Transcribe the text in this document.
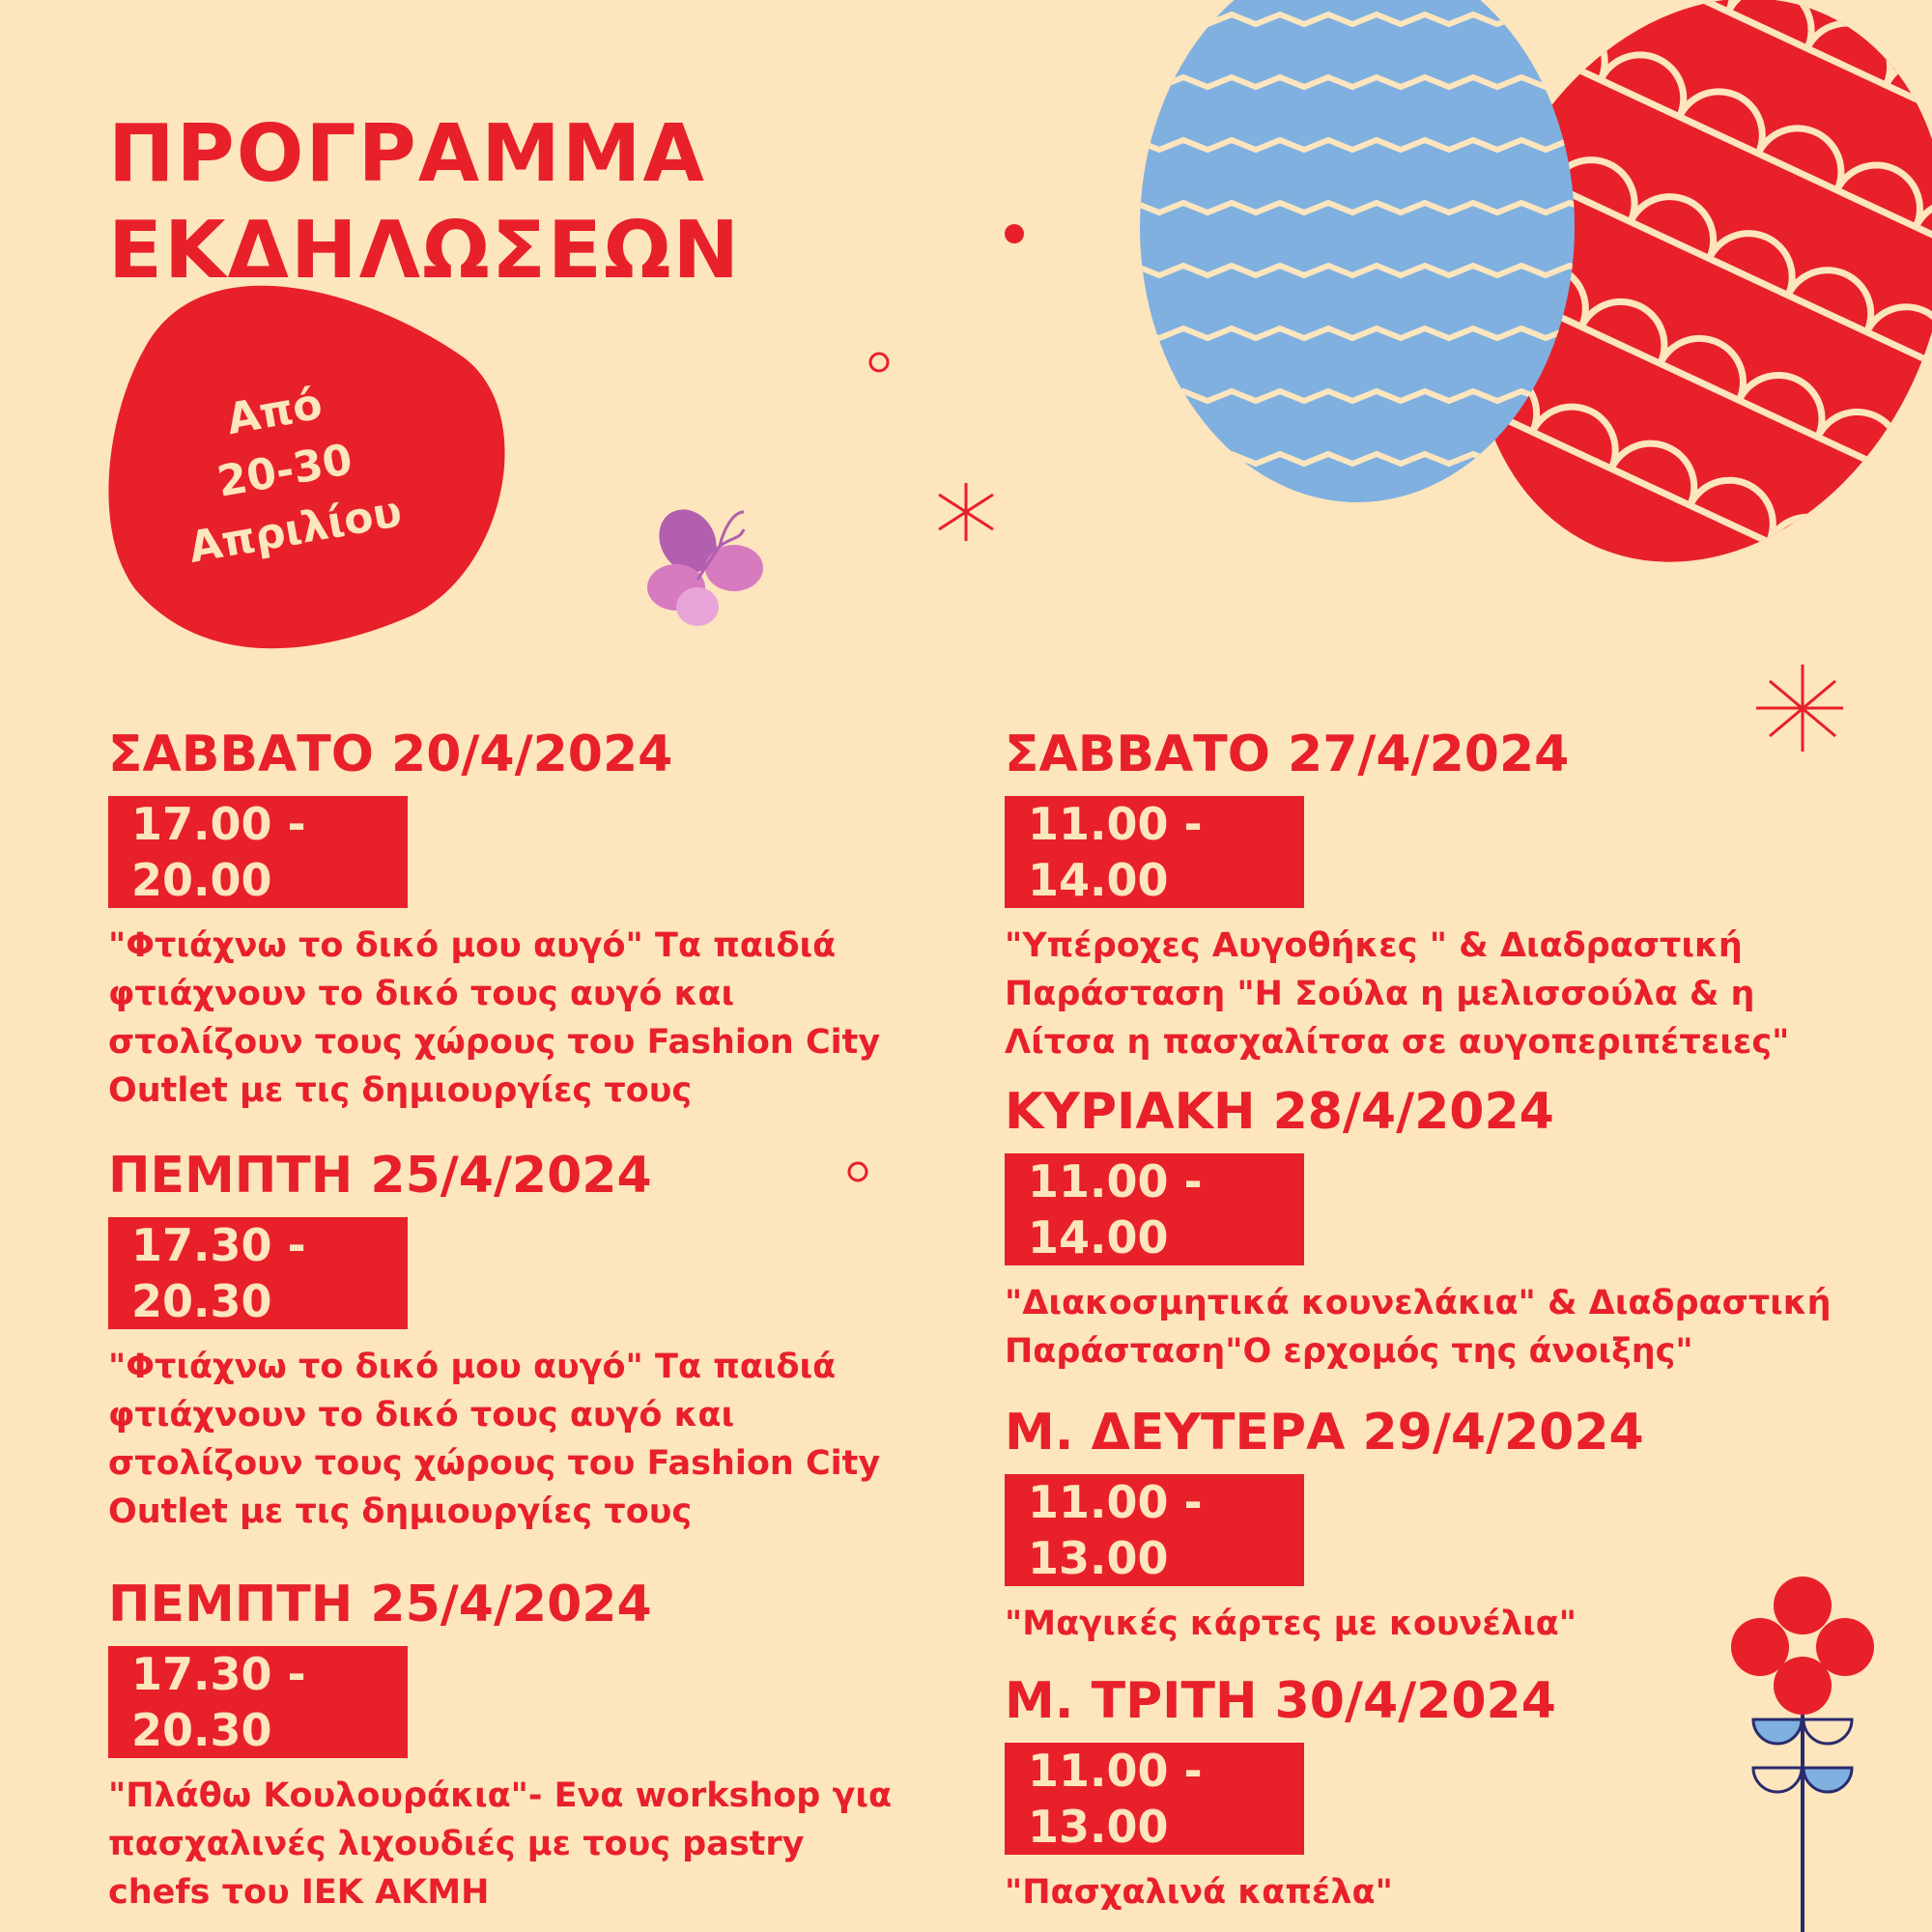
ΠΡΟΓΡΑΜΜΑ
ΕΚΔΗΛΩΣΕΩΝ
Από
20-30
Απριλίου
ΣΑΒΒΑΤΟ 20/4/2024
17.00 - 20.00
"Φτιάχνω το δικό μου αυγό" Τα παιδιά φτιάχνουν το δικό τους αυγό και στολίζουν τους χώρους του Fashion City Outlet με τις δημιουργίες τους
ΠΕΜΠΤΗ 25/4/2024
17.30 - 20.30
"Φτιάχνω το δικό μου αυγό" Τα παιδιά φτιάχνουν το δικό τους αυγό και στολίζουν τους χώρους του Fashion City Outlet με τις δημιουργίες τους
ΠΕΜΠΤΗ 25/4/2024
17.30 - 20.30
"Πλάθω Κουλουράκια"- Eνα workshop για πασχαλινές λιχουδιές με τους pastry chefs του ΙΕΚ ΑΚΜΗ
ΣΑΒΒΑΤΟ 27/4/2024
11.00 - 14.00
"Υπέροχες Αυγοθήκες " & Διαδραστική Παράσταση "Η Σούλα η μελισσούλα & η Λίτσα η πασχαλίτσα σε αυγοπεριπέτειες"
ΚΥΡΙΑΚΗ 28/4/2024
11.00 - 14.00
"Διακοσμητικά κουνελάκια" & Διαδραστική Παράσταση"Ο ερχομός της άνοιξης"
Μ. ΔΕΥΤΕΡΑ 29/4/2024
11.00 - 13.00
"Μαγικές κάρτες με κουνέλια"
Μ. ΤΡΙΤΗ 30/4/2024
11.00 - 13.00
"Πασχαλινά καπέλα"
